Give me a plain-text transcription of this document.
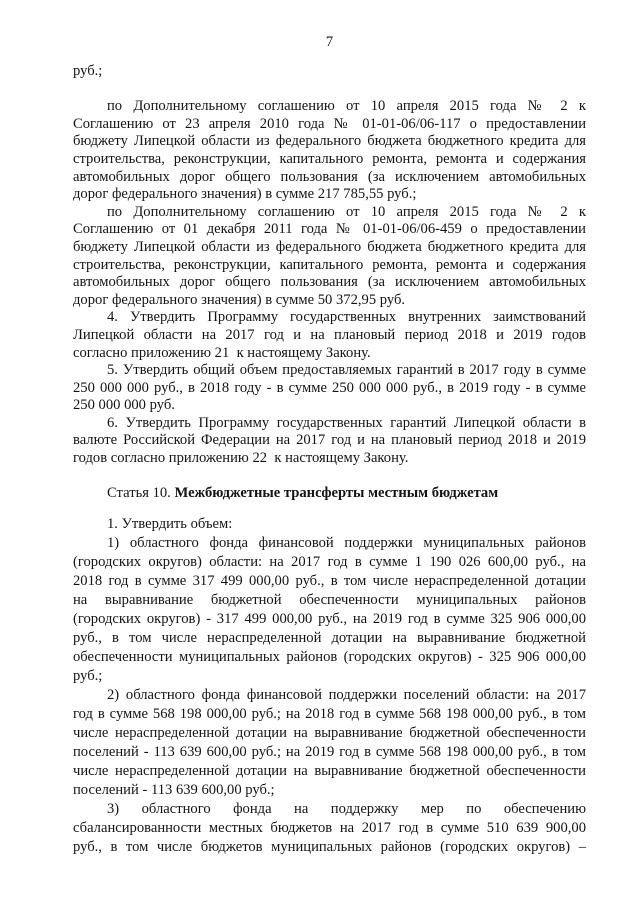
7
руб.;
по Дополнительному соглашению от 10 апреля 2015 года № 2 к
Соглашению от 23 апреля 2010 года № 01-01-06/06-117 о предоставлении
бюджету Липецкой области из федерального бюджета бюджетного кредита для
строительства, реконструкции, капитального ремонта, ремонта и содержания
автомобильных дорог общего пользования (за исключением автомобильных
дорог федерального значения) в сумме 217 785,55 руб.;
по Дополнительному соглашению от 10 апреля 2015 года № 2 к
Соглашению от 01 декабря 2011 года № 01-01-06/06-459 о предоставлении
бюджету Липецкой области из федерального бюджета бюджетного кредита для
строительства, реконструкции, капитального ремонта, ремонта и содержания
автомобильных дорог общего пользования (за исключением автомобильных
дорог федерального значения) в сумме 50 372,95 руб.
4. Утвердить Программу государственных внутренних заимствований
Липецкой области на 2017 год и на плановый период 2018 и 2019 годов
согласно приложению 21  к настоящему Закону.
5. Утвердить общий объем предоставляемых гарантий в 2017 году в сумме
250 000 000 руб., в 2018 году - в сумме 250 000 000 руб., в 2019 году - в сумме
250 000 000 руб.
6. Утвердить Программу государственных гарантий Липецкой области в
валюте Российской Федерации на 2017 год и на плановый период 2018 и 2019
годов согласно приложению 22  к настоящему Закону.
Статья 10. Межбюджетные трансферты местным бюджетам
1. Утвердить объем:
1) областного фонда финансовой поддержки муниципальных районов
(городских округов) области: на 2017 год в сумме 1 190 026 600,00 руб., на
2018 год в сумме 317 499 000,00 руб., в том числе нераспределенной дотации
на выравнивание бюджетной обеспеченности муниципальных районов
(городских округов) - 317 499 000,00 руб., на 2019 год в сумме 325 906 000,00
руб., в том числе нераспределенной дотации на выравнивание бюджетной
обеспеченности муниципальных районов (городских округов) - 325 906 000,00
руб.;
2) областного фонда финансовой поддержки поселений области: на 2017
год в сумме 568 198 000,00 руб.; на 2018 год в сумме 568 198 000,00 руб., в том
числе нераспределенной дотации на выравнивание бюджетной обеспеченности
поселений - 113 639 600,00 руб.; на 2019 год в сумме 568 198 000,00 руб., в том
числе нераспределенной дотации на выравнивание бюджетной обеспеченности
поселений - 113 639 600,00 руб.;
3) областного фонда на поддержку мер по обеспечению
сбалансированности местных бюджетов на 2017 год в сумме 510 639 900,00
руб., в том числе бюджетов муниципальных районов (городских округов) –
